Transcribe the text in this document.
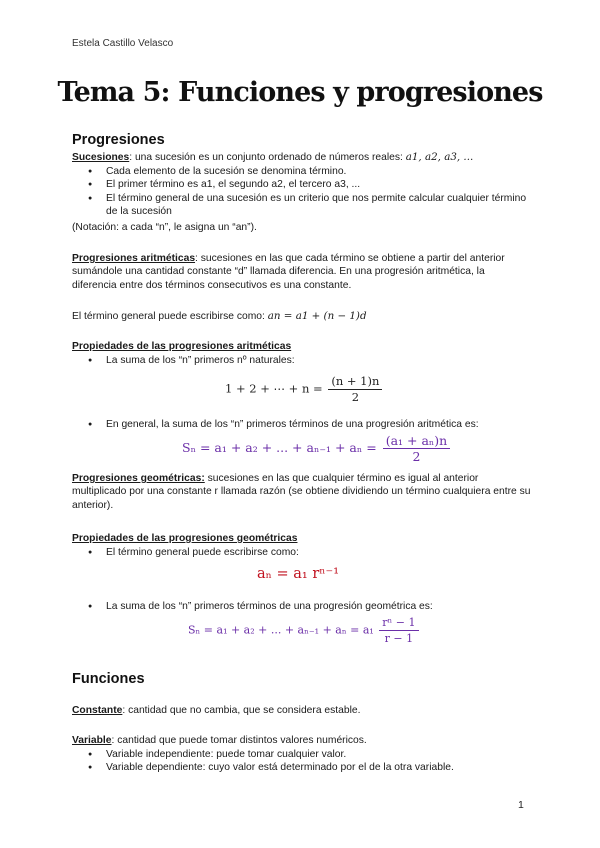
Estela Castillo Velasco
Tema 5: Funciones y progresiones
Progresiones
Sucesiones: una sucesión es un conjunto ordenado de números reales: a1, a2, a3, ...
● Cada elemento de la sucesión se denomina término.
● El primer término es a1, el segundo a2, el tercero a3, ...
● El término general de una sucesión es un criterio que nos permite calcular cualquier término de la sucesión
(Notación: a cada “n”, le asigna un “an”).
Progresiones aritméticas: sucesiones en las que cada término se obtiene a partir del anterior sumándole una cantidad constante “d” llamada diferencia. En una progresión aritmética, la diferencia entre dos términos consecutivos es una constante.
El término general puede escribirse como: an = a1 + (n − 1)d
Propiedades de las progresiones aritméticas
● La suma de los “n” primeros nº naturales:
1 + 2 + ⋯ + $n = \frac{(n + 1)n}{2}$
● En general, la suma de los “n” primeros términos de una progresión aritmética es:
Sₙ = a₁ + a₂ + ... + $a_{n-1} + a_n = \frac{\text{(a₁ + aₙ)n}}{2}$
Progresiones geométricas: sucesiones en las que cualquier término es igual al anterior multiplicado por una constante r llamada razón (se obtiene dividiendo un término cualquiera entre su anterior).
Propiedades de las progresiones geométricas
● El término general puede escribirse como:
aₙ = a₁ rⁿ⁻¹
● La suma de los “n” primeros términos de una progresión geométrica es:
Sₙ = a₁ + a₂ + ... + $a_{n-1} + a_n = a_1 \frac{\text{rⁿ − 1}}{r - 1}$
Funciones
Constante: cantidad que no cambia, que se considera estable.
Variable: cantidad que puede tomar distintos valores numéricos.
● Variable independiente: puede tomar cualquier valor.
● Variable dependiente: cuyo valor está determinado por el de la otra variable.
1
